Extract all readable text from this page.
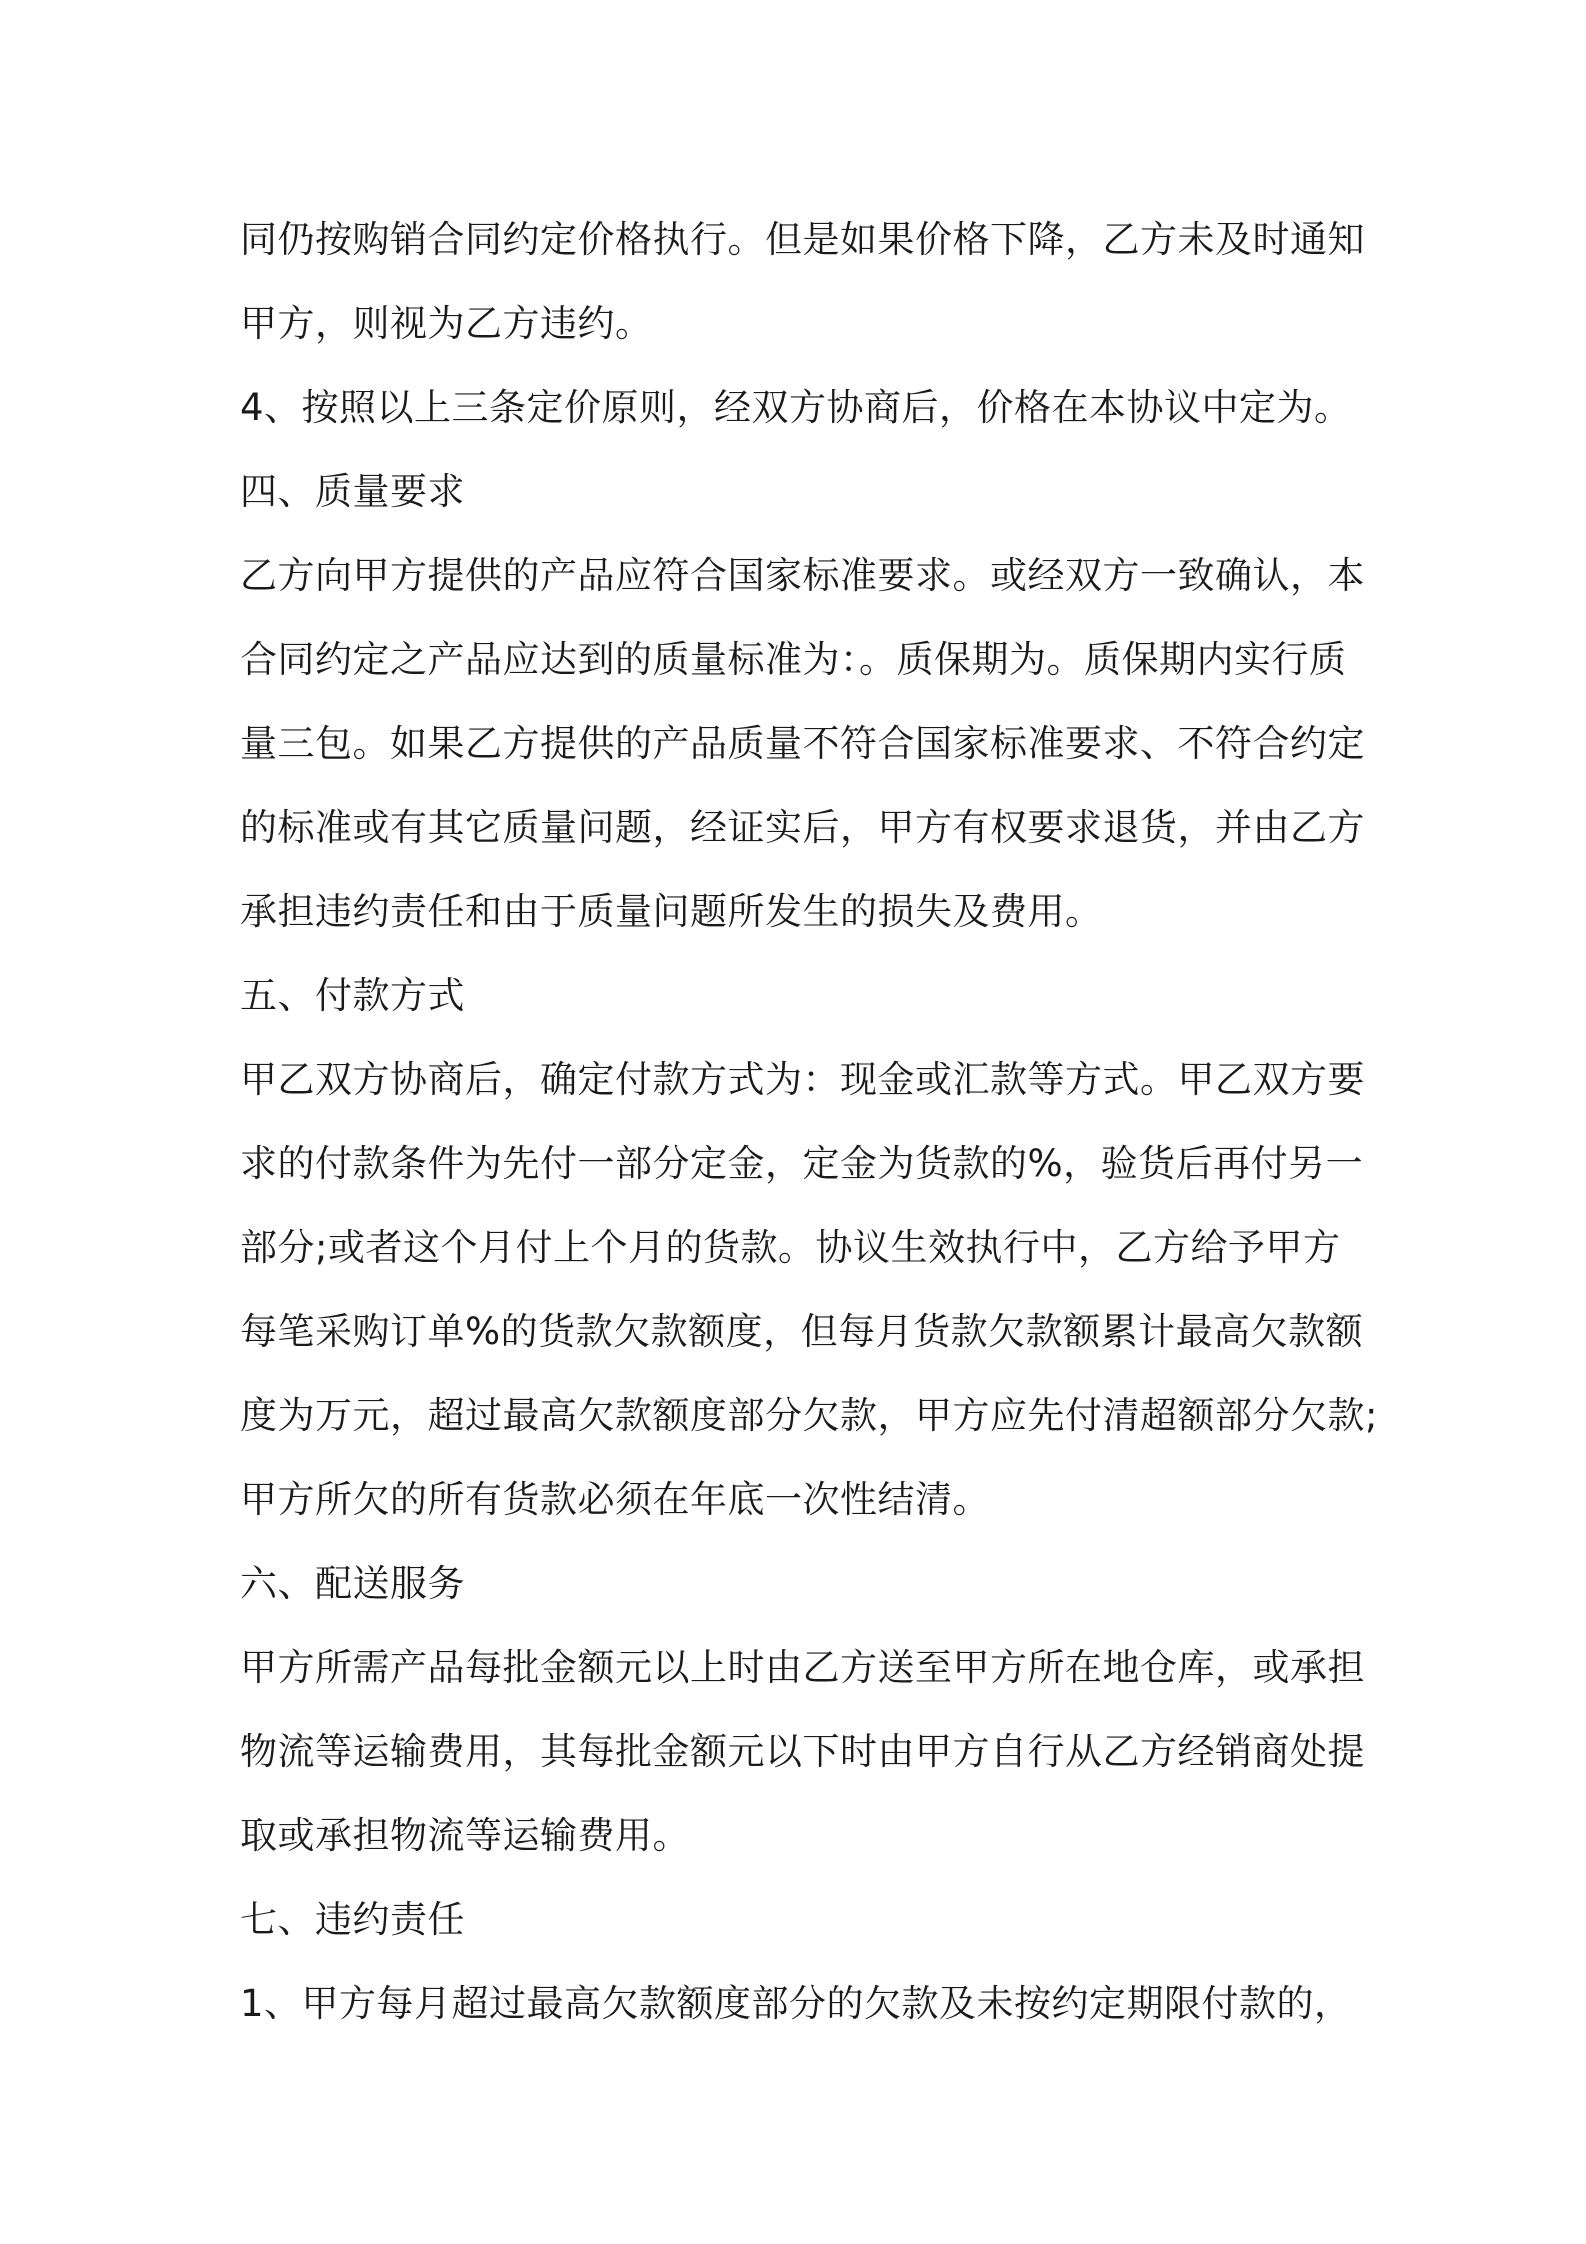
同仍按购销合同约定价格执行。但是如果价格下降，乙方未及时通知
甲方，则视为乙方违约。
4、按照以上三条定价原则，经双方协商后，价格在本协议中定为。
四、质量要求
乙方向甲方提供的产品应符合国家标准要求。或经双方一致确认，本
合同约定之产品应达到的质量标准为：。质保期为。质保期内实行质
量三包。如果乙方提供的产品质量不符合国家标准要求、不符合约定
的标准或有其它质量问题，经证实后，甲方有权要求退货，并由乙方
承担违约责任和由于质量问题所发生的损失及费用。
五、付款方式
甲乙双方协商后，确定付款方式为：现金或汇款等方式。甲乙双方要
求的付款条件为先付一部分定金，定金为货款的%，验货后再付另一
部分;或者这个月付上个月的货款。协议生效执行中，乙方给予甲方
每笔采购订单%的货款欠款额度，但每月货款欠款额累计最高欠款额
度为万元，超过最高欠款额度部分欠款，甲方应先付清超额部分欠款;
甲方所欠的所有货款必须在年底一次性结清。
六、配送服务
甲方所需产品每批金额元以上时由乙方送至甲方所在地仓库，或承担
物流等运输费用，其每批金额元以下时由甲方自行从乙方经销商处提
取或承担物流等运输费用。
七、违约责任
1、甲方每月超过最高欠款额度部分的欠款及未按约定期限付款的，
